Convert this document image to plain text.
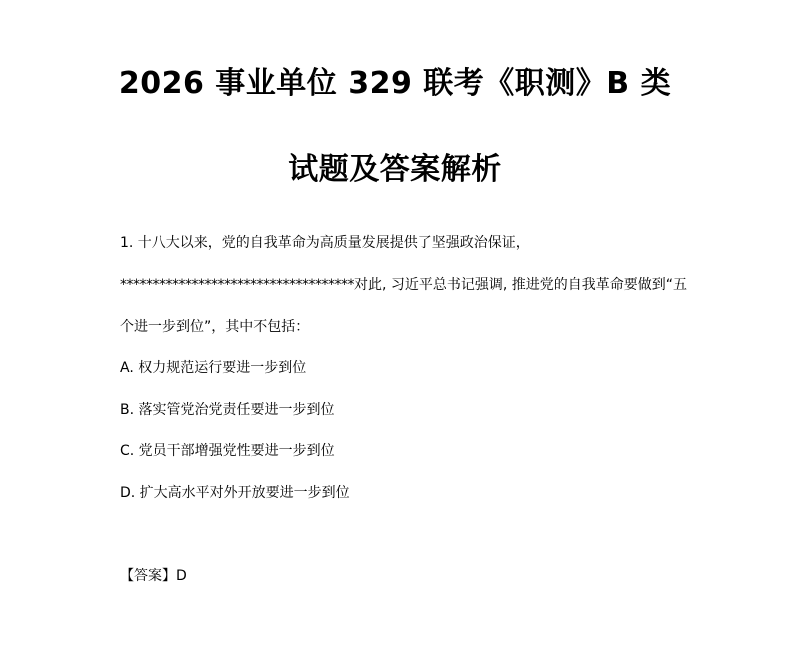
2026 事业单位 329 联考《职测》B 类
试题及答案解析
1. 十八大以来，党的自我革命为高质量发展提供了坚强政治保证，
************************************对此, 习近平总书记强调, 推进党的自我革命要做到“五
个进一步到位”，其中不包括：
A. 权力规范运行要进一步到位
B. 落实管党治党责任要进一步到位
C. 党员干部增强党性要进一步到位
D. 扩大高水平对外开放要进一步到位
【答案】D
